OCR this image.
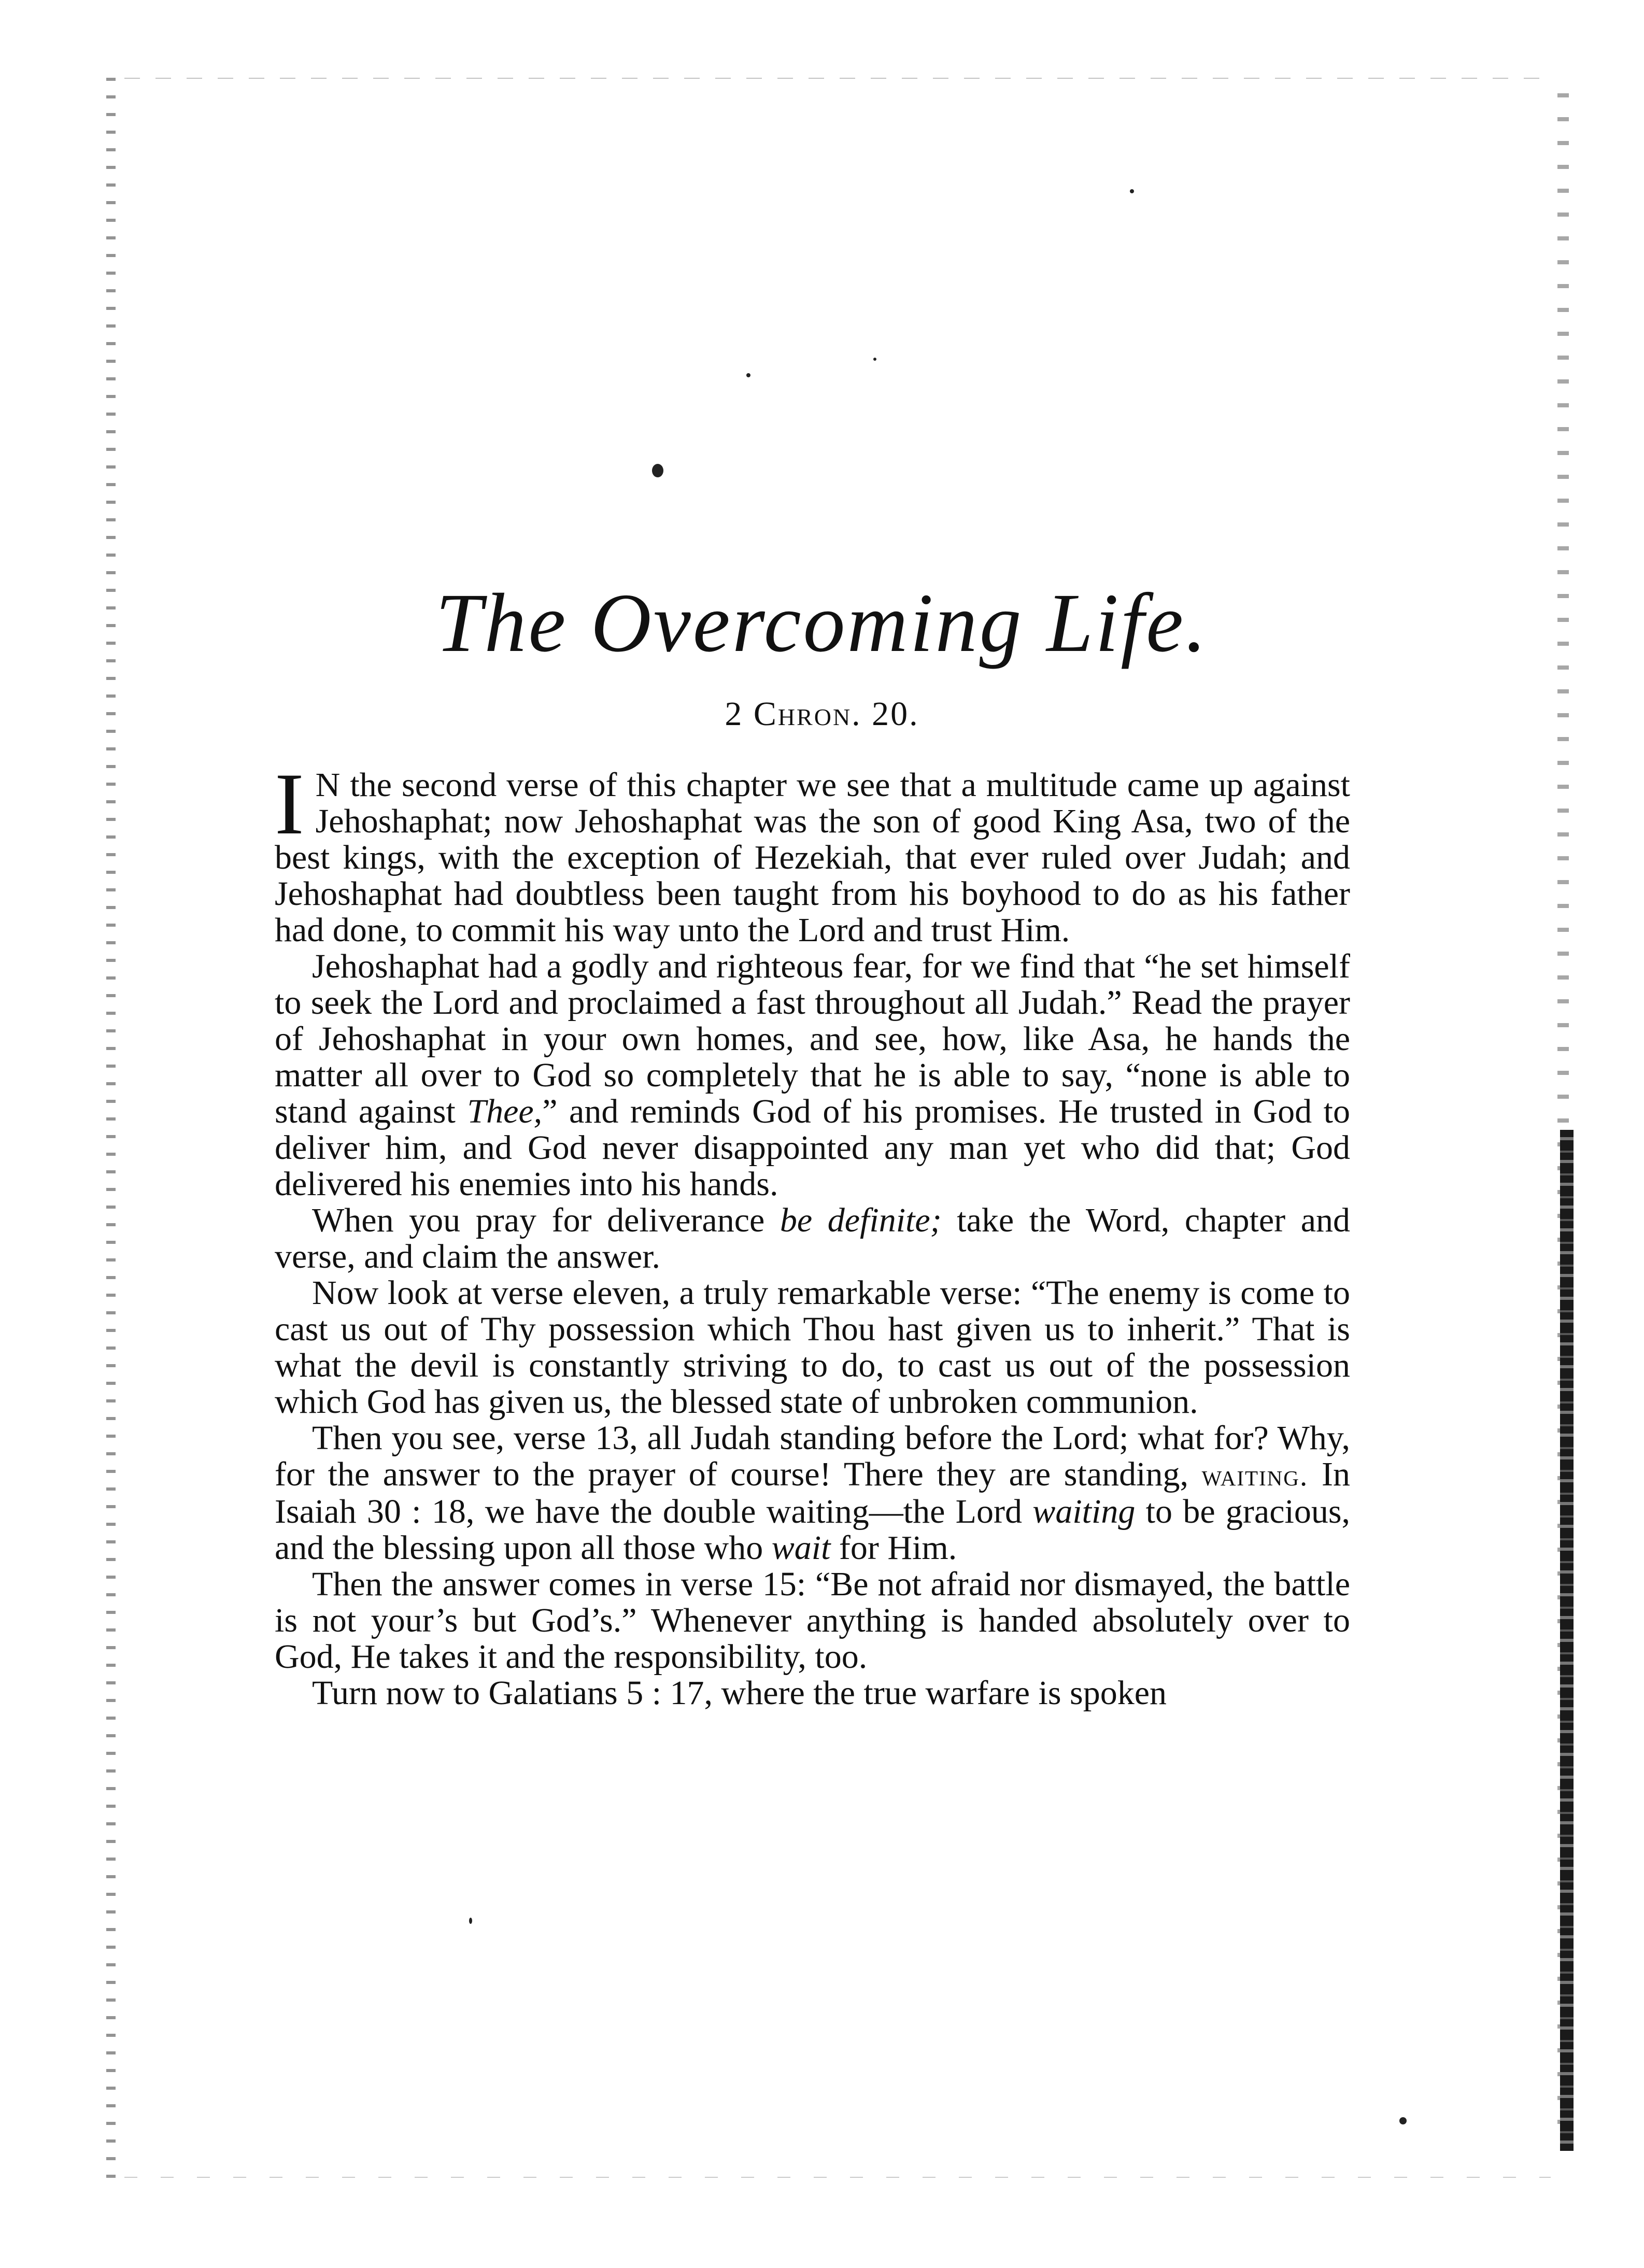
The Overcoming Life.
2 Chron. 20.

I N the second verse of this chapter we see that a multitude came up against Jehoshaphat; now Jehoshaphat was the son of good King Asa, two of the best kings, with the exception of Hezekiah, that ever ruled over Judah; and Jehoshaphat had doubtless been taught from his boyhood to do as his father had done, to commit his way unto the Lord and trust Him.

Jehoshaphat had a godly and righteous fear, for we find that “he set himself to seek the Lord and proclaimed a fast throughout all Judah.” Read the prayer of Jehoshaphat in your own homes, and see, how, like Asa, he hands the matter all over to God so completely that he is able to say, “none is able to stand against Thee,” and reminds God of his promises. He trusted in God to deliver him, and God never disappointed any man yet who did that; God delivered his enemies into his hands.

When you pray for deliverance be definite; take the Word, chapter and verse, and claim the answer.

Now look at verse eleven, a truly remarkable verse: “The enemy is come to cast us out of Thy possession which Thou hast given us to inherit.” That is what the devil is constantly striving to do, to cast us out of the possession which God has given us, the blessed state of unbroken communion.

Then you see, verse 13, all Judah standing before the Lord; what for? Why, for the answer to the prayer of course! There they are standing, waiting. In Isaiah 30 : 18, we have the double waiting—the Lord waiting to be gracious, and the blessing upon all those who wait for Him.

Then the answer comes in verse 15: “Be not afraid nor dismayed, the battle is not your’s but God’s.” Whenever anything is handed absolutely over to God, He takes it and the responsibility, too.

Turn now to Galatians 5 : 17, where the true warfare is spoken
